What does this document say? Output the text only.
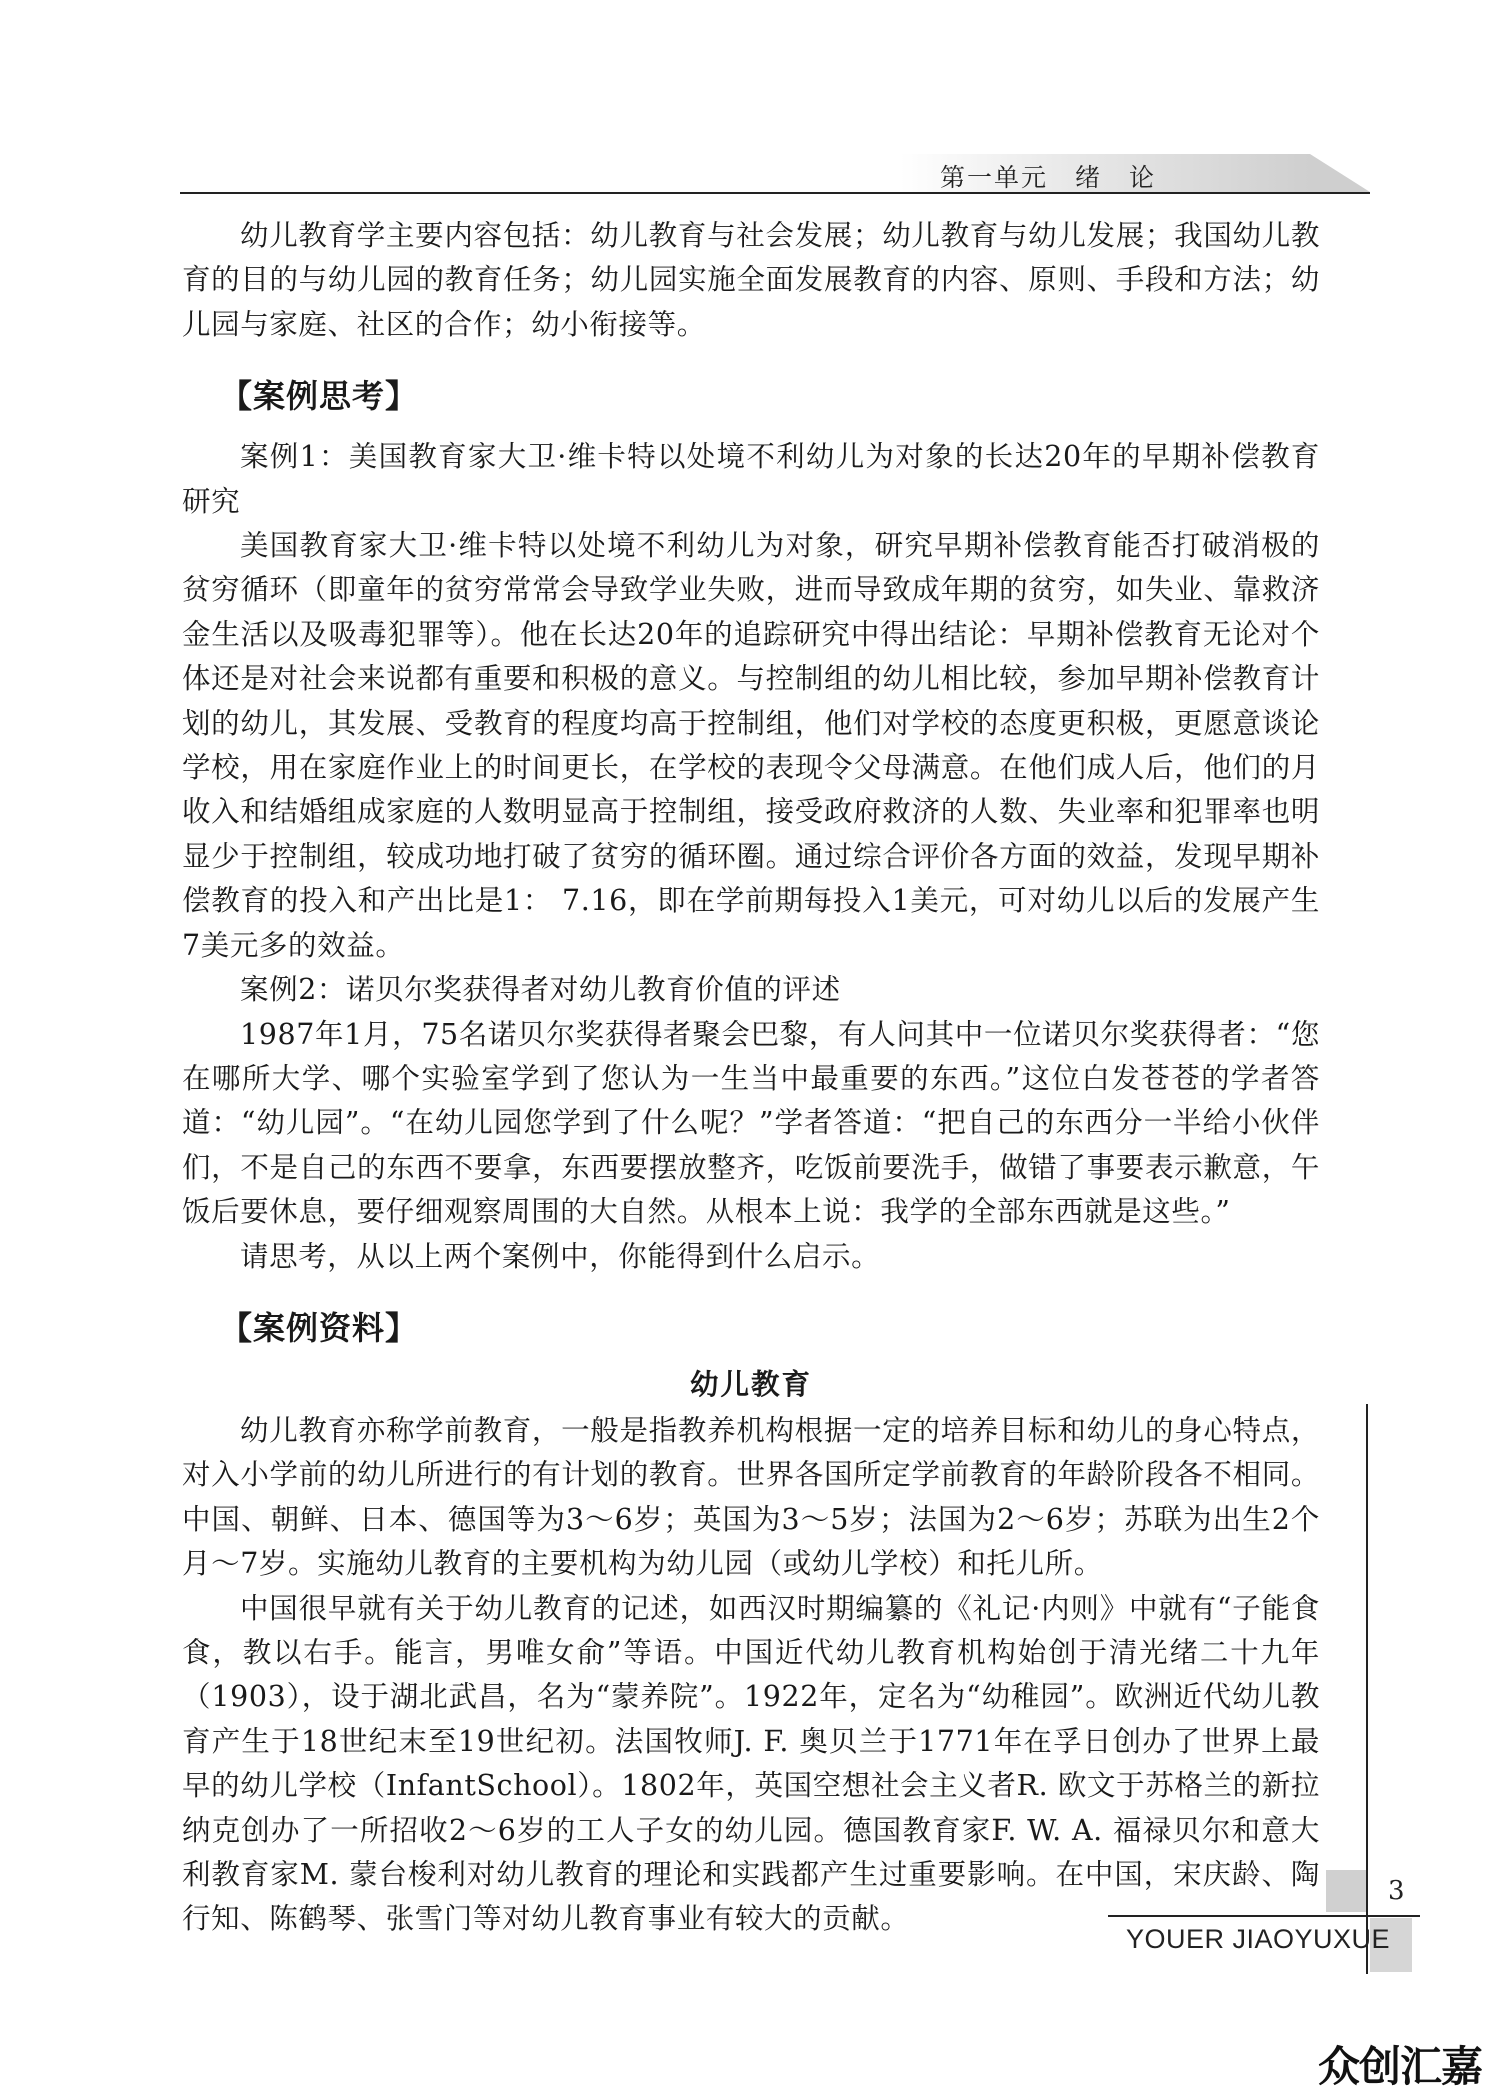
第一单元　绪　论

幼儿教育学主要内容包括：幼儿教育与社会发展；幼儿教育与幼儿发展；我国幼儿教育的目的与幼儿园的教育任务；幼儿园实施全面发展教育的内容、原则、手段和方法；幼儿园与家庭、社区的合作；幼小衔接等。

【案例思考】

案例1：美国教育家大卫·维卡特以处境不利幼儿为对象的长达20年的早期补偿教育研究

美国教育家大卫·维卡特以处境不利幼儿为对象，研究早期补偿教育能否打破消极的贫穷循环（即童年的贫穷常常会导致学业失败，进而导致成年期的贫穷，如失业、靠救济金生活以及吸毒犯罪等）。他在长达20年的追踪研究中得出结论：早期补偿教育无论对个体还是对社会来说都有重要和积极的意义。与控制组的幼儿相比较，参加早期补偿教育计划的幼儿，其发展、受教育的程度均高于控制组，他们对学校的态度更积极，更愿意谈论学校，用在家庭作业上的时间更长，在学校的表现令父母满意。在他们成人后，他们的月收入和结婚组成家庭的人数明显高于控制组，接受政府救济的人数、失业率和犯罪率也明显少于控制组，较成功地打破了贫穷的循环圈。通过综合评价各方面的效益，发现早期补偿教育的投入和产出比是1： 7.16，即在学前期每投入1美元，可对幼儿以后的发展产生7美元多的效益。

案例2：诺贝尔奖获得者对幼儿教育价值的评述

1987年1月，75名诺贝尔奖获得者聚会巴黎，有人问其中一位诺贝尔奖获得者：“您在哪所大学、哪个实验室学到了您认为一生当中最重要的东西。”这位白发苍苍的学者答道：“幼儿园”。“在幼儿园您学到了什么呢？”学者答道：“把自己的东西分一半给小伙伴们，不是自己的东西不要拿，东西要摆放整齐，吃饭前要洗手，做错了事要表示歉意，午饭后要休息，要仔细观察周围的大自然。从根本上说：我学的全部东西就是这些。”

请思考，从以上两个案例中，你能得到什么启示。

【案例资料】
幼儿教育

幼儿教育亦称学前教育，一般是指教养机构根据一定的培养目标和幼儿的身心特点，对入小学前的幼儿所进行的有计划的教育。世界各国所定学前教育的年龄阶段各不相同。中国、朝鲜、日本、德国等为3～6岁；英国为3～5岁；法国为2～6岁；苏联为出生2个月～7岁。实施幼儿教育的主要机构为幼儿园（或幼儿学校）和托儿所。

中国很早就有关于幼儿教育的记述，如西汉时期编纂的《礼记·内则》中就有“子能食食，教以右手。能言，男唯女俞”等语。中国近代幼儿教育机构始创于清光绪二十九年（1903），设于湖北武昌，名为“蒙养院”。1922年，定名为“幼稚园”。欧洲近代幼儿教育产生于18世纪末至19世纪初。法国牧师J. F. 奥贝兰于1771年在孚日创办了世界上最早的幼儿学校（InfantSchool）。1802年，英国空想社会主义者R. 欧文于苏格兰的新拉纳克创办了一所招收2～6岁的工人子女的幼儿园。德国教育家F. W. A. 福禄贝尔和意大利教育家M. 蒙台梭利对幼儿教育的理论和实践都产生过重要影响。在中国，宋庆龄、陶行知、陈鹤琴、张雪门等对幼儿教育事业有较大的贡献。

3
YOUER JIAOYUXUE
众创汇嘉
